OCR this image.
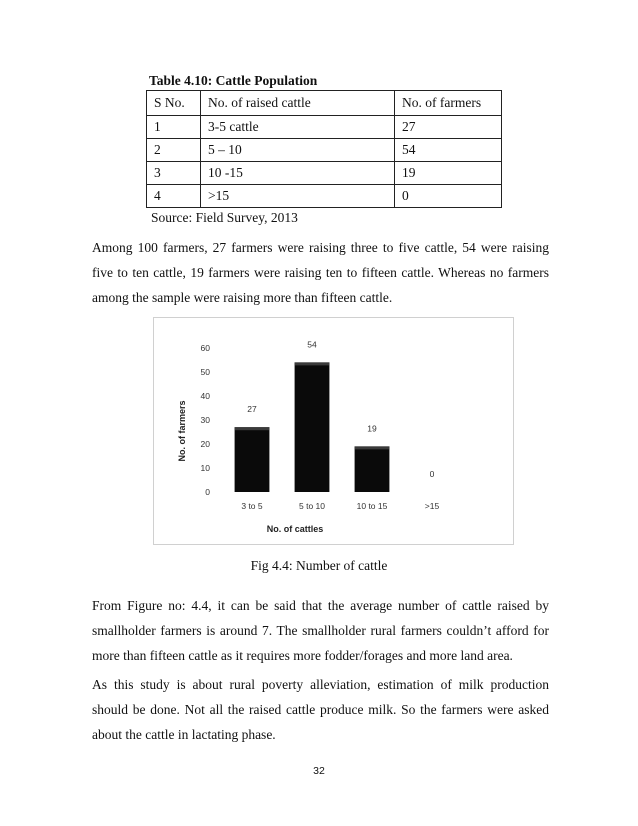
Table 4.10: Cattle Population
S No.	No. of raised cattle	No. of farmers
1	3-5 cattle	27
2	5 – 10	54
3	10 -15	19
4	>15	0
Source: Field Survey, 2013

Among 100 farmers, 27 farmers were raising three to five cattle, 54 were raising five to ten cattle, 19 farmers were raising ten to fifteen cattle. Whereas no farmers among the sample were raising more than fifteen cattle.

0
10
20
30
40
50
60
27
54
19
0
3 to 5	5 to 10	10 to 15	>15
No. of farmers
No. of cattles
Fig 4.4: Number of cattle

From Figure no: 4.4, it can be said that the average number of cattle raised by smallholder farmers is around 7. The smallholder rural farmers couldn’t afford for more than fifteen cattle as it requires more fodder/forages and more land area.

As this study is about rural poverty alleviation, estimation of milk production should be done. Not all the raised cattle produce milk. So the farmers were asked about the cattle in lactating phase.

32
